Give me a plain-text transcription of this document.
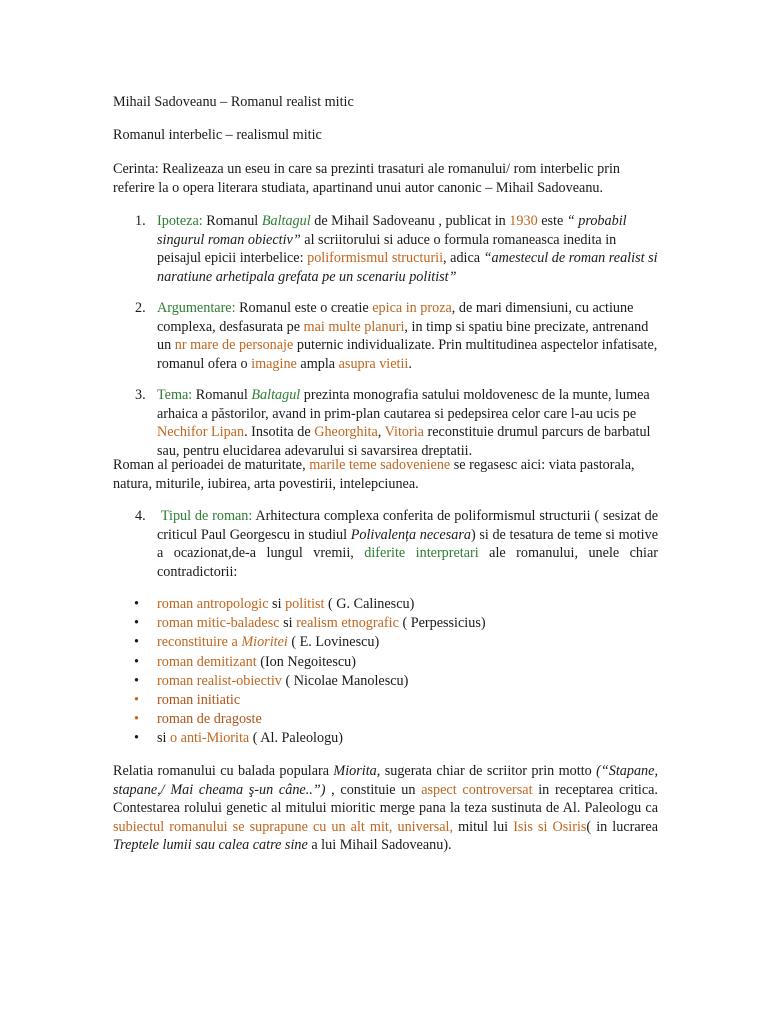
Mihail Sadoveanu – Romanul realist mitic

Romanul interbelic – realismul mitic

Cerinta: Realizeaza un eseu in care sa prezinti trasaturi ale romanului/ rom interbelic prin referire la o opera literara studiata, apartinand unui autor canonic – Mihail Sadoveanu.

1. Ipoteza: Romanul Baltagul de Mihail Sadoveanu , publicat in 1930 este “ probabil singurul roman obiectiv” al scriitorului si aduce o formula romaneasca inedita in peisajul epicii interbelice: poliformismul structurii, adica “amestecul de roman realist si naratiune arhetipala grefata pe un scenariu politist”

2. Argumentare: Romanul este o creatie epica in proza, de mari dimensiuni, cu actiune complexa, desfasurata pe mai multe planuri, in timp si spatiu bine precizate, antrenand un nr mare de personaje puternic individualizate. Prin multitudinea aspectelor infatisate, romanul ofera o imagine ampla asupra vietii.

3. Tema: Romanul Baltagul prezinta monografia satului moldovenesc de la munte, lumea arhaica a păstorilor, avand in prim-plan cautarea si pedepsirea celor care l-au ucis pe Nechifor Lipan. Insotita de Gheorghita, Vitoria reconstituie drumul parcurs de barbatul sau, pentru elucidarea adevarului si savarsirea dreptatii.

Roman al perioadei de maturitate, marile teme sadoveniene se regasesc aici: viata pastorala, natura, miturile, iubirea, arta povestirii, intelepciunea.

4. Tipul de roman: Arhitectura complexa conferita de poliformismul structurii ( sesizat de criticul Paul Georgescu in studiul Polivalența necesara) si de tesatura de teme si motive a ocazionat,de-a lungul vremii, diferite interpretari ale romanului, unele chiar contradictorii:

• roman antropologic si politist ( G. Calinescu)
• roman mitic-baladesc si realism etnografic ( Perpessicius)
• reconstituire a Mioritei ( E. Lovinescu)
• roman demitizant (Ion Negoitescu)
• roman realist-obiectiv ( Nicolae Manolescu)
• roman initiatic
• roman de dragoste
• si o anti-Miorita ( Al. Paleologu)

Relatia romanului cu balada populara Miorita, sugerata chiar de scriitor prin motto (“Stapane, stapane,/ Mai cheama ş-un câne..”) , constituie un aspect controversat in receptarea critica. Contestarea rolului genetic al mitului mioritic merge pana la teza sustinuta de Al. Paleologu ca subiectul romanului se suprapune cu un alt mit, universal, mitul lui Isis si Osiris( in lucrarea Treptele lumii sau calea catre sine a lui Mihail Sadoveanu).
